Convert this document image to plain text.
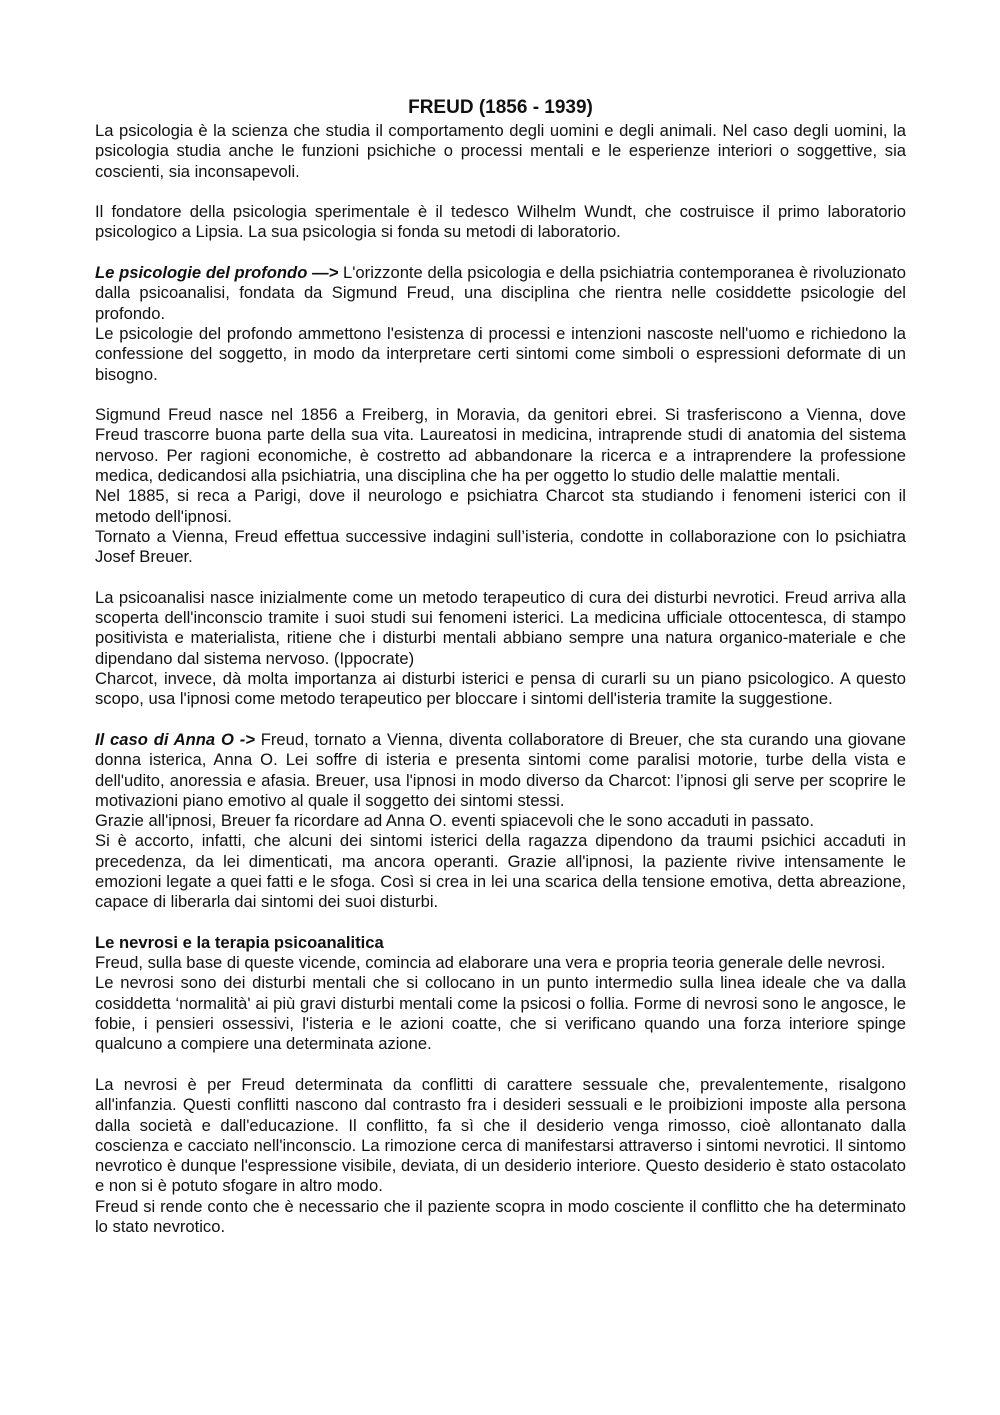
FREUD (1856 - 1939)

La psicologia è la scienza che studia il comportamento degli uomini e degli animali. Nel caso degli uomini, la psicologia studia anche le funzioni psichiche o processi mentali e le esperienze interiori o soggettive, sia coscienti, sia inconsapevoli.

Il fondatore della psicologia sperimentale è il tedesco Wilhelm Wundt, che costruisce il primo laboratorio psicologico a Lipsia. La sua psicologia si fonda su metodi di laboratorio.

Le psicologie del profondo —> L'orizzonte della psicologia e della psichiatria contemporanea è rivoluzionato dalla psicoanalisi, fondata da Sigmund Freud, una disciplina che rientra nelle cosiddette psicologie del profondo.

Le psicologie del profondo ammettono l'esistenza di processi e intenzioni nascoste nell'uomo e richiedono la confessione del soggetto, in modo da interpretare certi sintomi come simboli o espressioni deformate di un bisogno.

Sigmund Freud nasce nel 1856 a Freiberg, in Moravia, da genitori ebrei. Si trasferiscono a Vienna, dove Freud trascorre buona parte della sua vita. Laureatosi in medicina, intraprende studi di anatomia del sistema nervoso. Per ragioni economiche, è costretto ad abbandonare la ricerca e a intraprendere la professione medica, dedicandosi alla psichiatria, una disciplina che ha per oggetto lo studio delle malattie mentali.

Nel 1885, si reca a Parigi, dove il neurologo e psichiatra Charcot sta studiando i fenomeni isterici con il metodo dell'ipnosi.

Tornato a Vienna, Freud effettua successive indagini sull’isteria, condotte in collaborazione con lo psichiatra Josef Breuer.

La psicoanalisi nasce inizialmente come un metodo terapeutico di cura dei disturbi nevrotici. Freud arriva alla scoperta dell'inconscio tramite i suoi studi sui fenomeni isterici. La medicina ufficiale ottocentesca, di stampo positivista e materialista, ritiene che i disturbi mentali abbiano sempre una natura organico-materiale e che dipendano dal sistema nervoso. (Ippocrate)

Charcot, invece, dà molta importanza ai disturbi isterici e pensa di curarli su un piano psicologico. A questo scopo, usa l'ipnosi come metodo terapeutico per bloccare i sintomi dell'isteria tramite la suggestione.

Il caso di Anna O -> Freud, tornato a Vienna, diventa collaboratore di Breuer, che sta curando una giovane donna isterica, Anna O. Lei soffre di isteria e presenta sintomi come paralisi motorie, turbe della vista e dell'udito, anoressia e afasia. Breuer, usa l'ipnosi in modo diverso da Charcot: l’ipnosi gli serve per scoprire le motivazioni piano emotivo al quale il soggetto dei sintomi stessi.

Grazie all'ipnosi, Breuer fa ricordare ad Anna O. eventi spiacevoli che le sono accaduti in passato.

Si è accorto, infatti, che alcuni dei sintomi isterici della ragazza dipendono da traumi psichici accaduti in precedenza, da lei dimenticati, ma ancora operanti. Grazie all'ipnosi, la paziente rivive intensamente le emozioni legate a quei fatti e le sfoga. Così si crea in lei una scarica della tensione emotiva, detta abreazione, capace di liberarla dai sintomi dei suoi disturbi.

Le nevrosi e la terapia psicoanalitica

Freud, sulla base di queste vicende, comincia ad elaborare una vera e propria teoria generale delle nevrosi.

Le nevrosi sono dei disturbi mentali che si collocano in un punto intermedio sulla linea ideale che va dalla cosiddetta ‘normalità' ai più gravi disturbi mentali come la psicosi o follia. Forme di nevrosi sono le angosce, le fobie, i pensieri ossessivi, l'isteria e le azioni coatte, che si verificano quando una forza interiore spinge qualcuno a compiere una determinata azione.

La nevrosi è per Freud determinata da conflitti di carattere sessuale che, prevalentemente, risalgono all'infanzia. Questi conflitti nascono dal contrasto fra i desideri sessuali e le proibizioni imposte alla persona dalla società e dall'educazione. Il conflitto, fa sì che il desiderio venga rimosso, cioè allontanato dalla coscienza e cacciato nell'inconscio. La rimozione cerca di manifestarsi attraverso i sintomi nevrotici. Il sintomo nevrotico è dunque l'espressione visibile, deviata, di un desiderio interiore. Questo desiderio è stato ostacolato e non si è potuto sfogare in altro modo.

Freud si rende conto che è necessario che il paziente scopra in modo cosciente il conflitto che ha determinato lo stato nevrotico.
